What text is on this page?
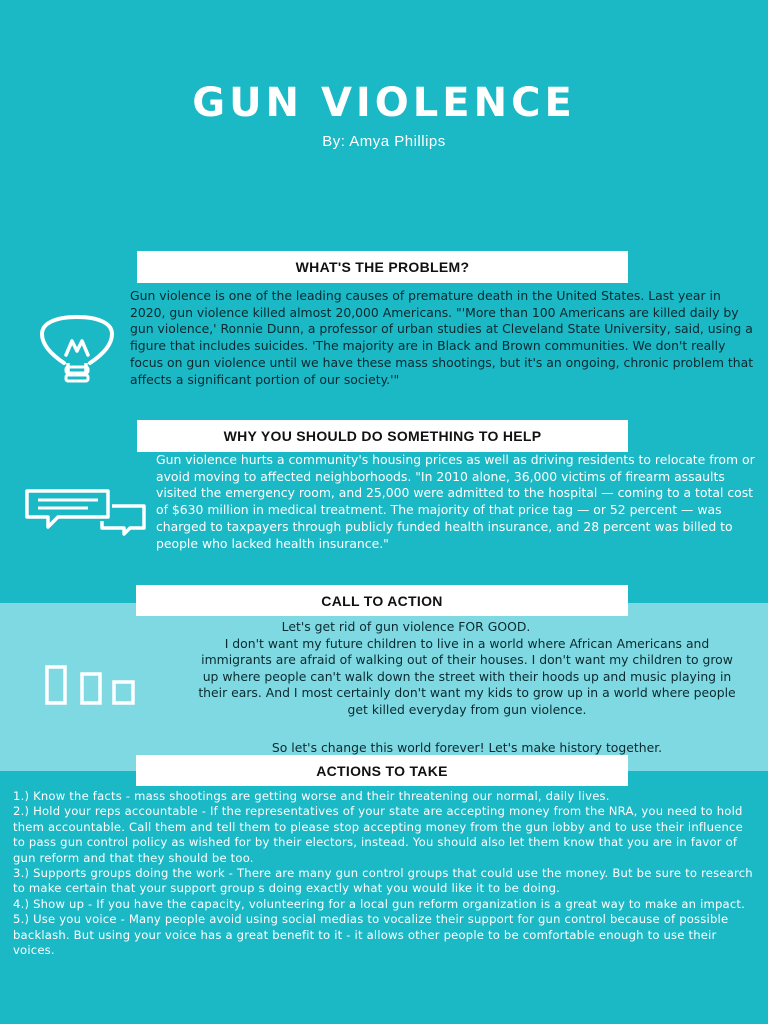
GUN VIOLENCE
By: Amya Phillips
WHAT'S THE PROBLEM?

Gun violence is one of the leading causes of premature death in the United States. Last year in 2020, gun violence killed almost 20,000 Americans. "'More than 100 Americans are killed daily by gun violence,' Ronnie Dunn, a professor of urban studies at Cleveland State University, said, using a figure that includes suicides. 'The majority are in Black and Brown communities. We don't really focus on gun violence until we have these mass shootings, but it's an ongoing, chronic problem that affects a significant portion of our society.'"

WHY YOU SHOULD DO SOMETHING TO HELP

Gun violence hurts a community's housing prices as well as driving residents to relocate from or avoid moving to affected neighborhoods. "In 2010 alone, 36,000 victims of firearm assaults visited the emergency room, and 25,000 were admitted to the hospital — coming to a total cost of $630 million in medical treatment. The majority of that price tag — or 52 percent — was charged to taxpayers through publicly funded health insurance, and 28 percent was billed to people who lacked health insurance."

CALL TO ACTION
Let's get rid of gun violence FOR GOOD.
I don't want my future children to live in a world where African Americans and immigrants are afraid of walking out of their houses. I don't want my children to grow up where people can't walk down the street with their hoods up and music playing in their ears. And I most certainly don't want my kids to grow up in a world where people get killed everyday from gun violence.
So let's change this world forever! Let's make history together.
ACTIONS TO TAKE
1.) Know the facts - mass shootings are getting worse and their threatening our normal, daily lives.
2.) Hold your reps accountable - If the representatives of your state are accepting money from the NRA, you need to hold them accountable. Call them and tell them to please stop accepting money from the gun lobby and to use their influence to pass gun control policy as wished for by their electors, instead. You should also let them know that you are in favor of gun reform and that they should be too.
3.) Supports groups doing the work - There are many gun control groups that could use the money. But be sure to research to make certain that your support group s doing exactly what you would like it to be doing.
4.) Show up - If you have the capacity, volunteering for a local gun reform organization is a great way to make an impact.
5.) Use you voice - Many people avoid using social medias to vocalize their support for gun control because of possible backlash. But using your voice has a great benefit to it - it allows other people to be comfortable enough to use their voices.
